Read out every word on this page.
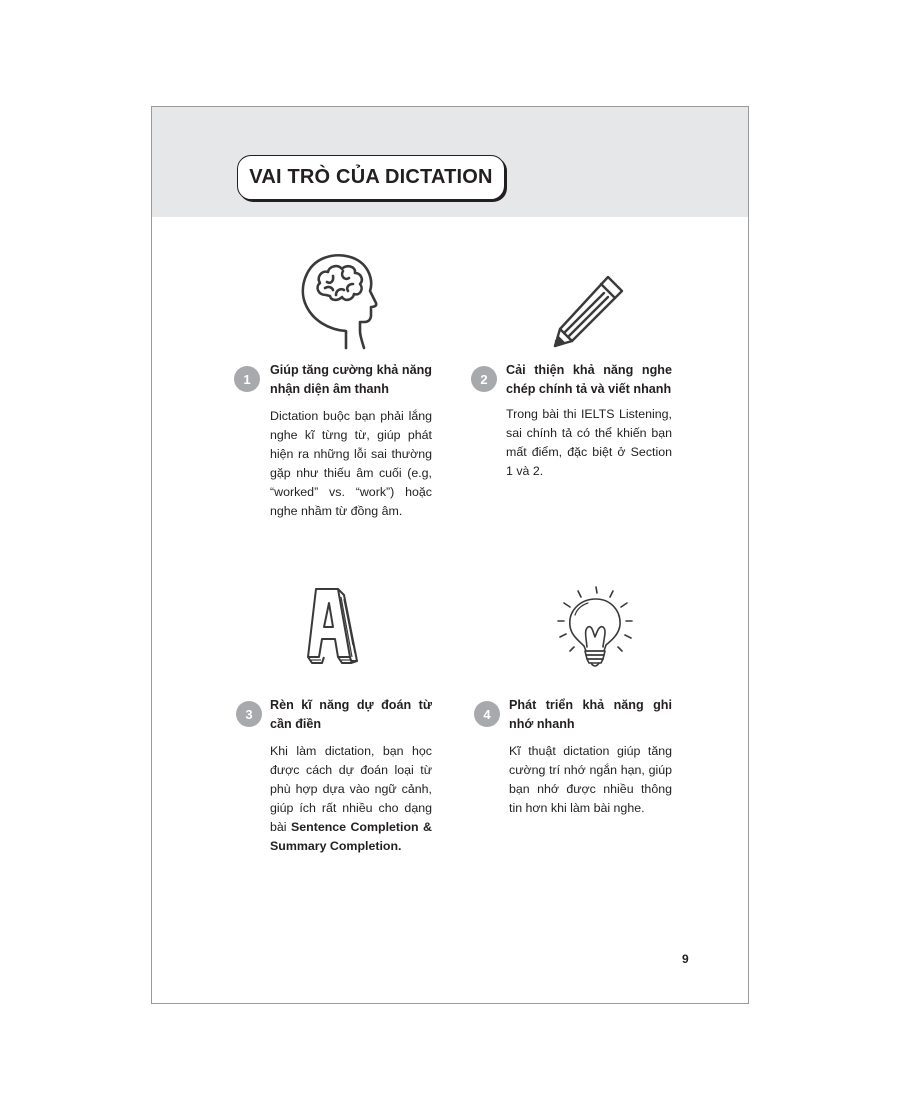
VAI TRÒ CỦA DICTATION
1

Giúp tăng cường khả năng nhận diện âm thanh

Dictation buộc bạn phải lắng nghe kĩ từng từ, giúp phát hiện ra những lỗi sai thường gặp như thiếu âm cuối (e.g, “worked” vs. “work”) hoặc nghe nhầm từ đồng âm.

2

Cải thiện khả năng nghe chép chính tả và viết nhanh

Trong bài thi IELTS Listening, sai chính tả có thể khiến bạn mất điểm, đặc biệt ở Section 1 và 2.

3

Rèn kĩ năng dự đoán từ cần điền

Khi làm dictation, bạn học được cách dự đoán loại từ phù hợp dựa vào ngữ cảnh, giúp ích rất nhiều cho dạng bài Sentence Completion & Summary Completion.

4

Phát triển khả năng ghi nhớ nhanh

Kĩ thuật dictation giúp tăng cường trí nhớ ngắn hạn, giúp bạn nhớ được nhiều thông tin hơn khi làm bài nghe.

9
